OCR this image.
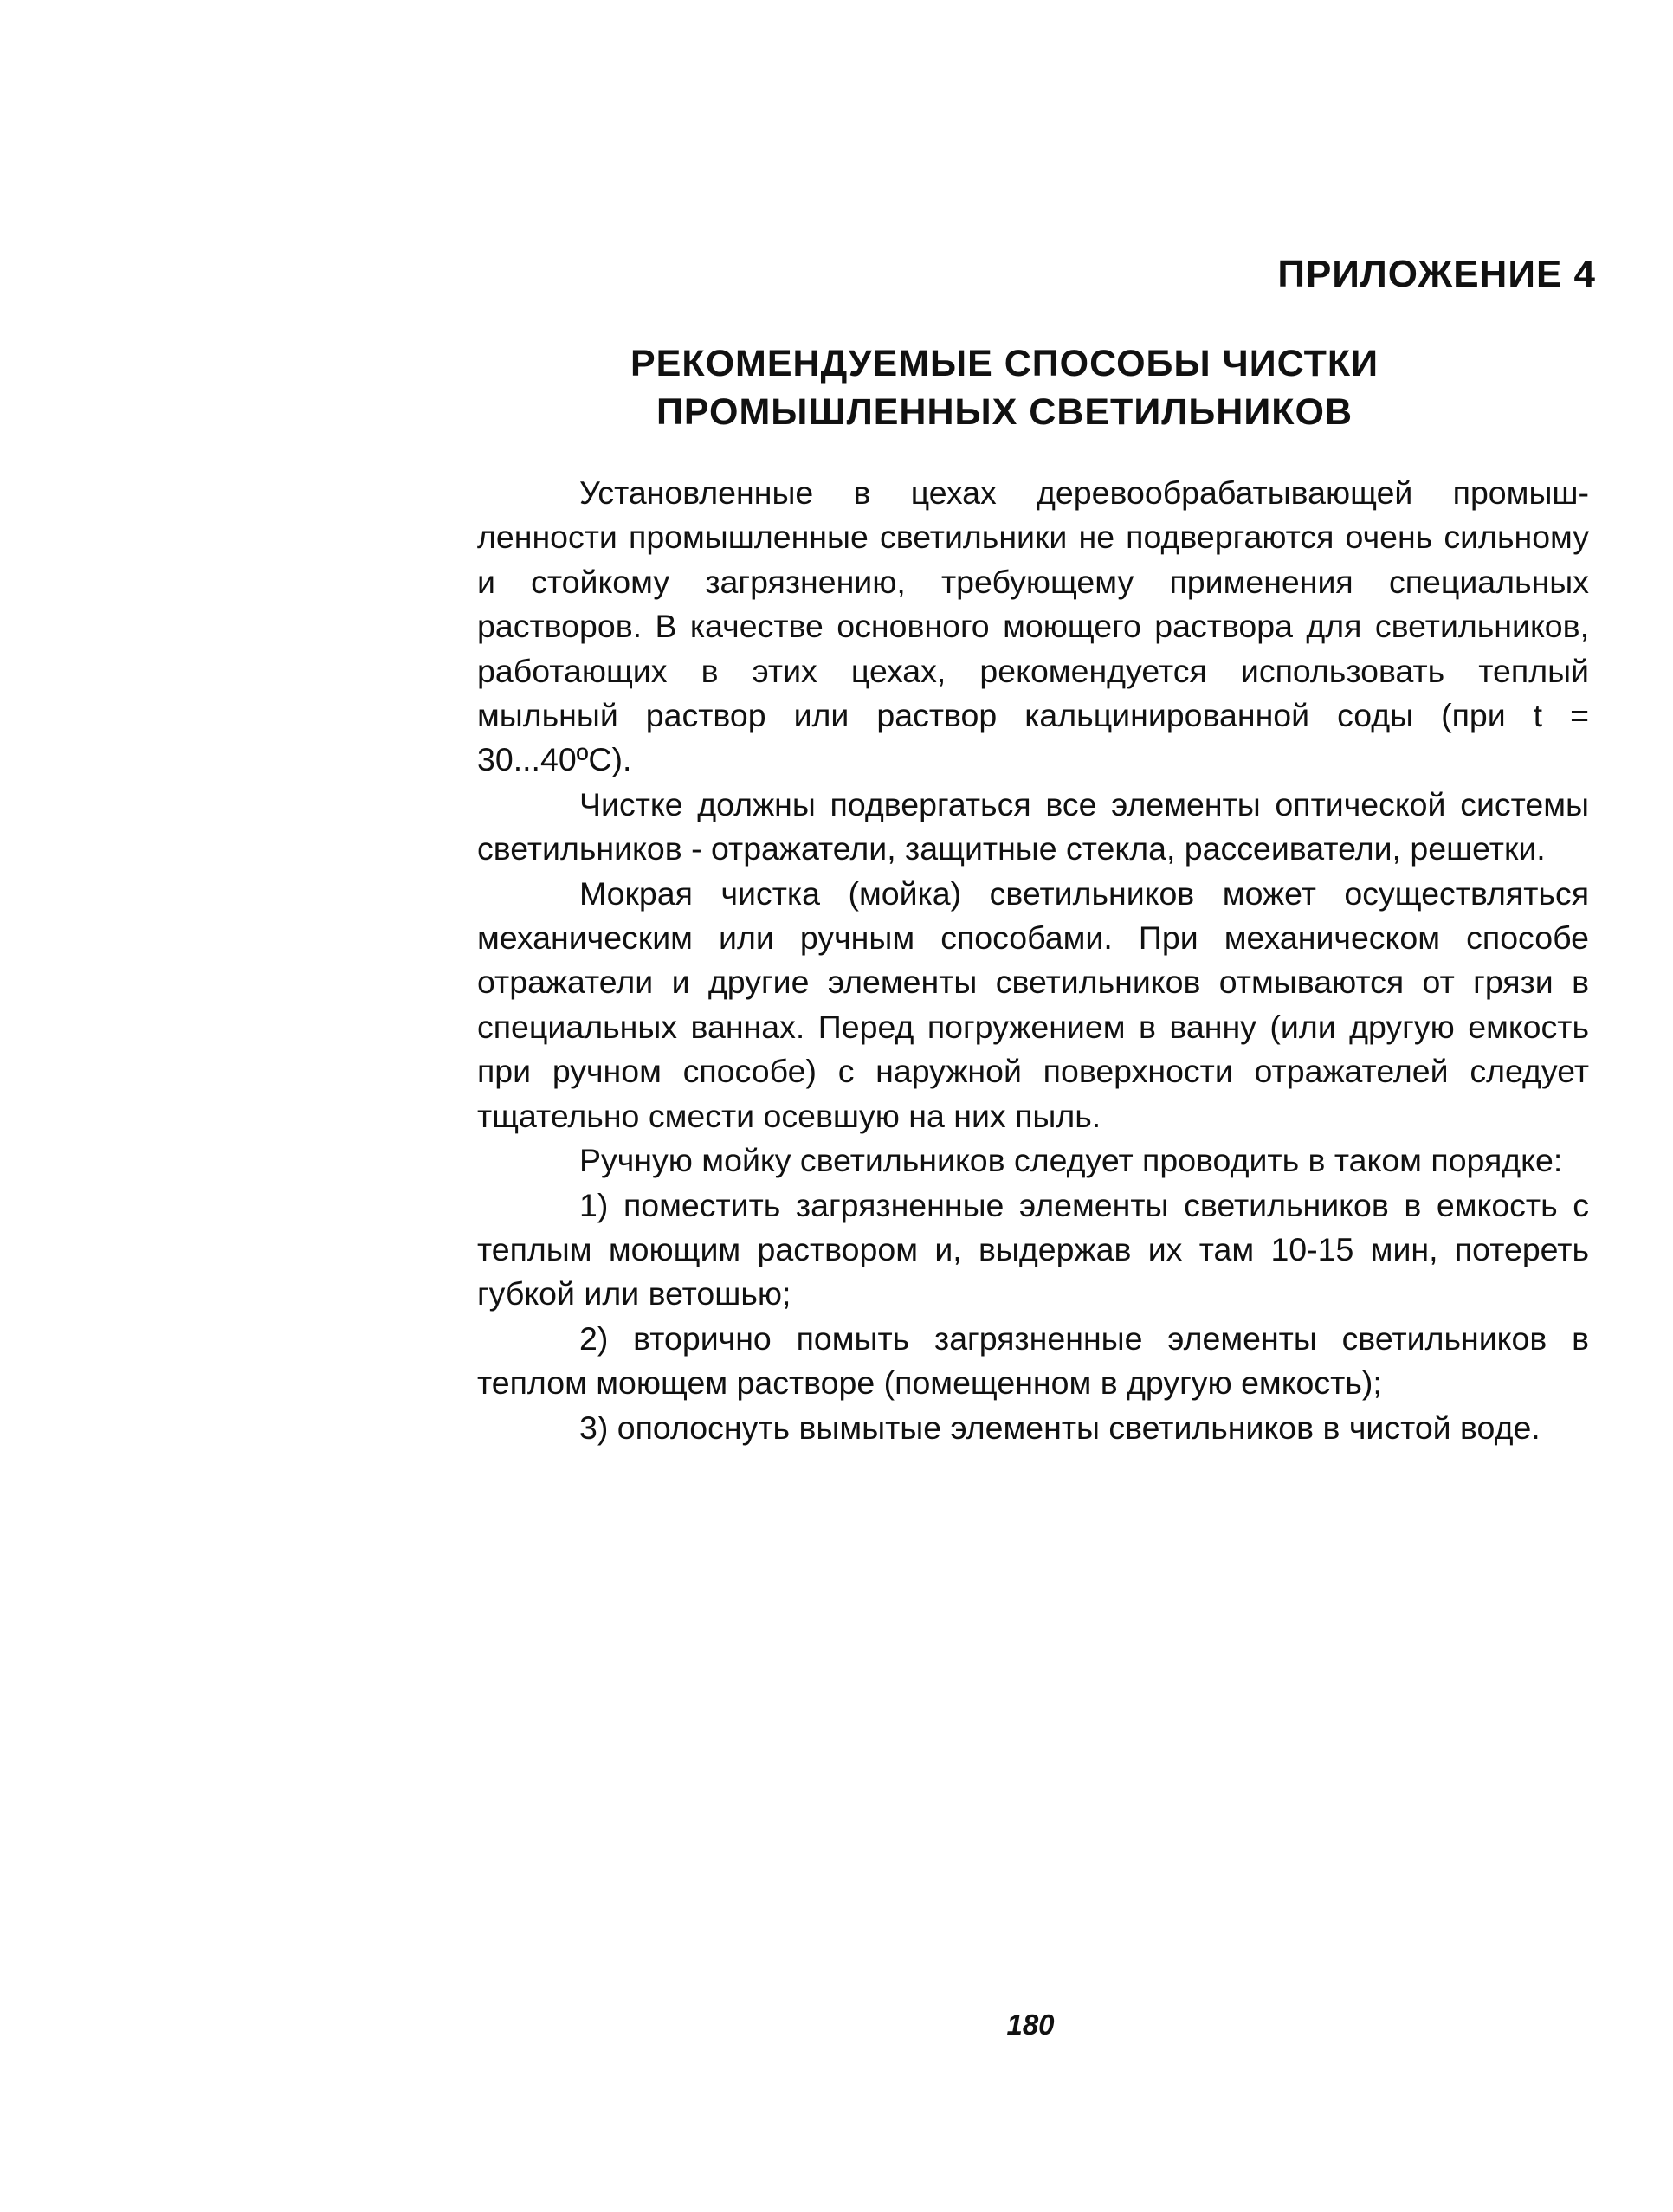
ПРИЛОЖЕНИЕ 4
РЕКОМЕНДУЕМЫЕ СПОСОБЫ ЧИСТКИ
ПРОМЫШЛЕННЫХ СВЕТИЛЬНИКОВ

Установленные в цехах деревообрабатывающей промышленности промышленные светильники не подвергаются очень сильному и стойкому загрязнению, требующему применения специальных растворов. В качестве основного моющего раствора для светильников, работающих в этих цехах, рекомендуется использовать теплый мыльный раствор или раствор кальцинированной соды (при t = 30...40ºС).

Чистке должны подвергаться все элементы оптической системы светильников - отражатели, защитные стекла, рассеиватели, решетки.

Мокрая чистка (мойка) светильников может осуществляться механическим или ручным способами. При механическом способе отражатели и другие элементы светильников отмываются от грязи в специальных ваннах. Перед погружением в ванну (или другую емкость при ручном способе) с наружной поверхности отражателей следует тщательно смести осевшую на них пыль.

Ручную мойку светильников следует проводить в таком порядке:

1) поместить загрязненные элементы светильников в емкость с теплым моющим раствором и, выдержав их там 10-15 мин, потереть губкой или ветошью;

2) вторично помыть загрязненные элементы светильников в теплом моющем растворе (помещенном в другую емкость);

3) ополоснуть вымытые элементы светильников в чистой воде.

180
